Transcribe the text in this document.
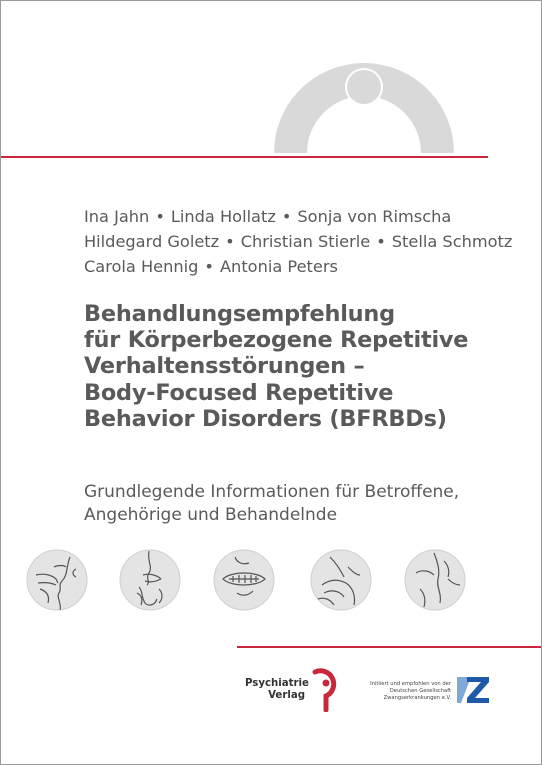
Ina Jahn • Linda Hollatz • Sonja von Rimscha
Hildegard Goletz • Christian Stierle • Stella Schmotz
Carola Hennig • Antonia Peters
Behandlungsempfehlung
für Körperbezogene Repetitive
Verhaltensstörungen –
Body-Focused Repetitive
Behavior Disorders (BFRBDs)
Grundlegende Informationen für Betroffene,
Angehörige und Behandelnde
Psychiatrie
Verlag
Initiiert und empfohlen von der
Deutschen Gesellschaft
Zwangserkrankungen e.V.
